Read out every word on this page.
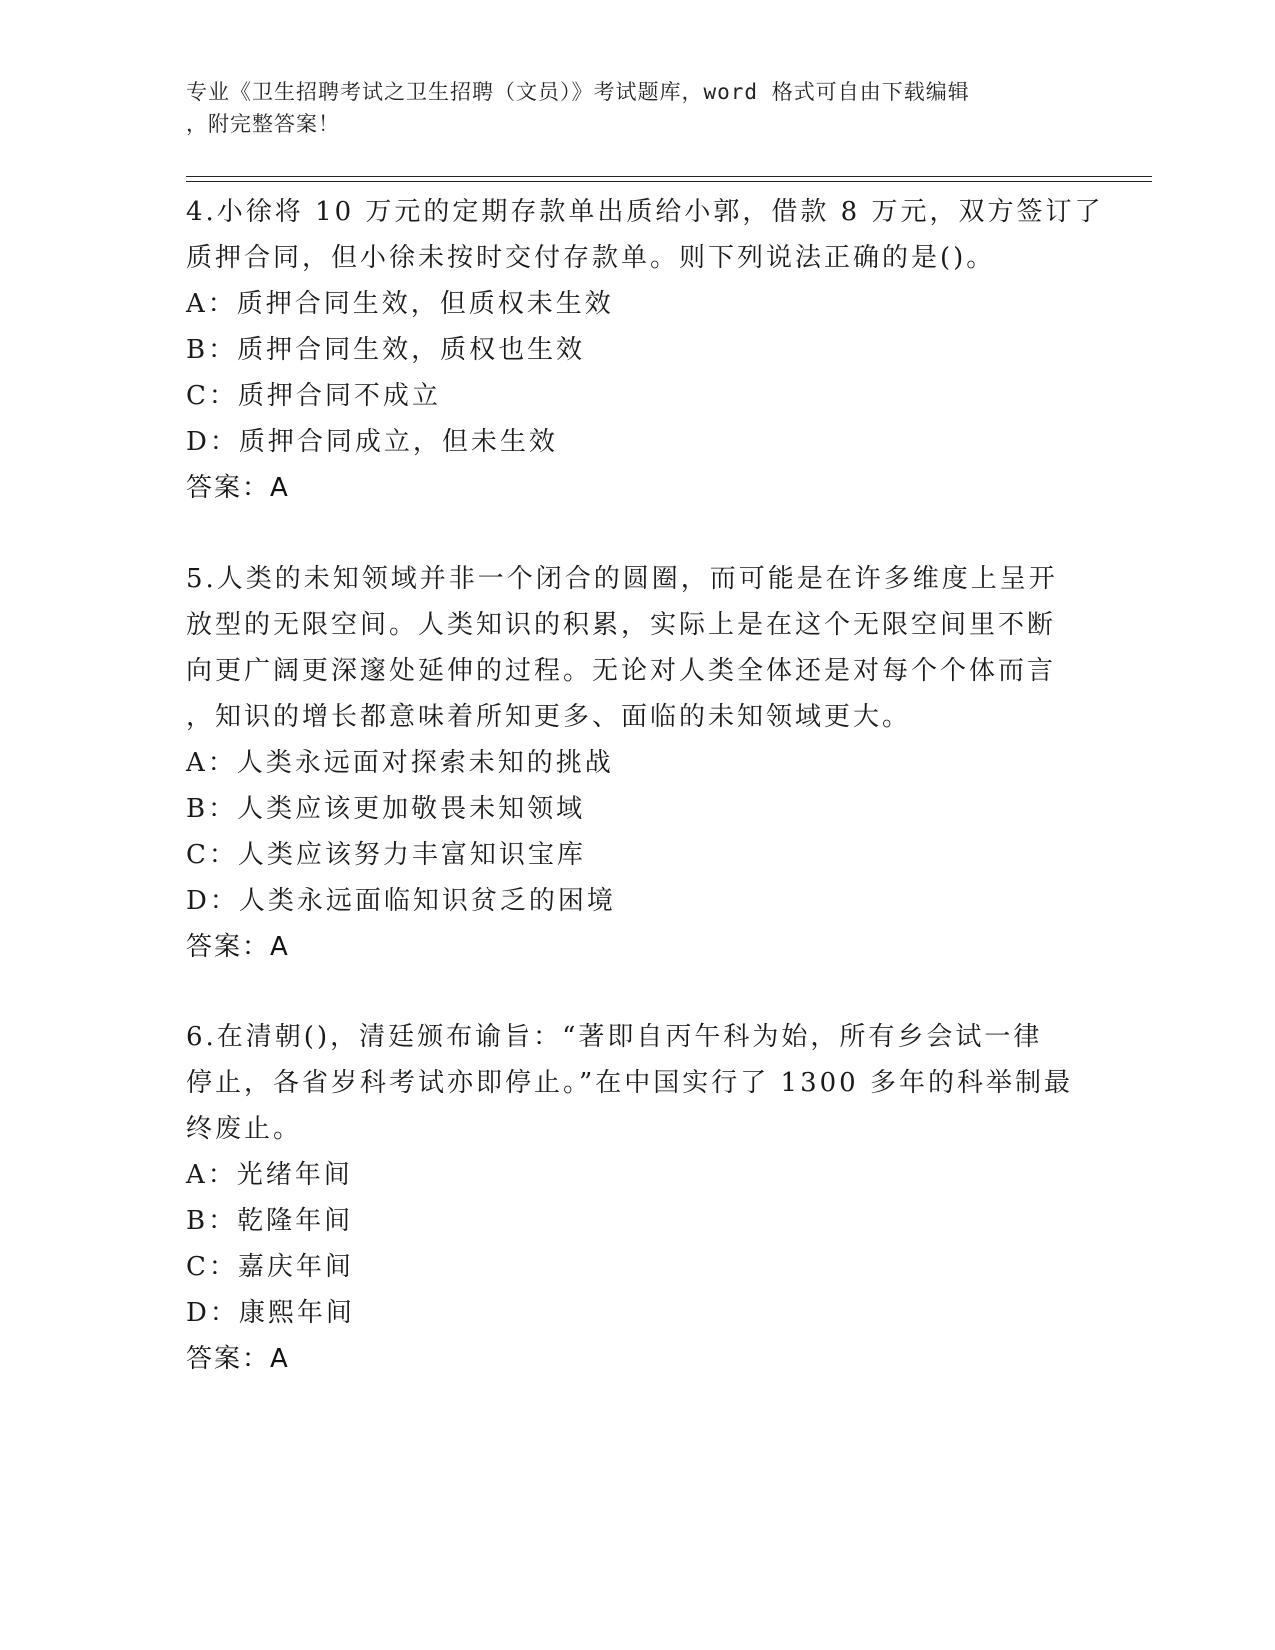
专业《卫生招聘考试之卫生招聘（文员）》考试题库，word 格式可自由下载编辑
，附完整答案！
4.小徐将 10 万元的定期存款单出质给小郭，借款 8 万元，双方签订了
质押合同，但小徐未按时交付存款单。则下列说法正确的是()。
A：质押合同生效，但质权未生效
B：质押合同生效，质权也生效
C：质押合同不成立
D：质押合同成立，但未生效
答案：A
5.人类的未知领域并非一个闭合的圆圈，而可能是在许多维度上呈开
放型的无限空间。人类知识的积累，实际上是在这个无限空间里不断
向更广阔更深邃处延伸的过程。无论对人类全体还是对每个个体而言
，知识的增长都意味着所知更多、面临的未知领域更大。
A：人类永远面对探索未知的挑战
B：人类应该更加敬畏未知领域
C：人类应该努力丰富知识宝库
D：人类永远面临知识贫乏的困境
答案：A
6.在清朝()，清廷颁布谕旨：“著即自丙午科为始，所有乡会试一律
停止，各省岁科考试亦即停止。”在中国实行了 1300 多年的科举制最
终废止。
A：光绪年间
B：乾隆年间
C：嘉庆年间
D：康熙年间
答案：A
